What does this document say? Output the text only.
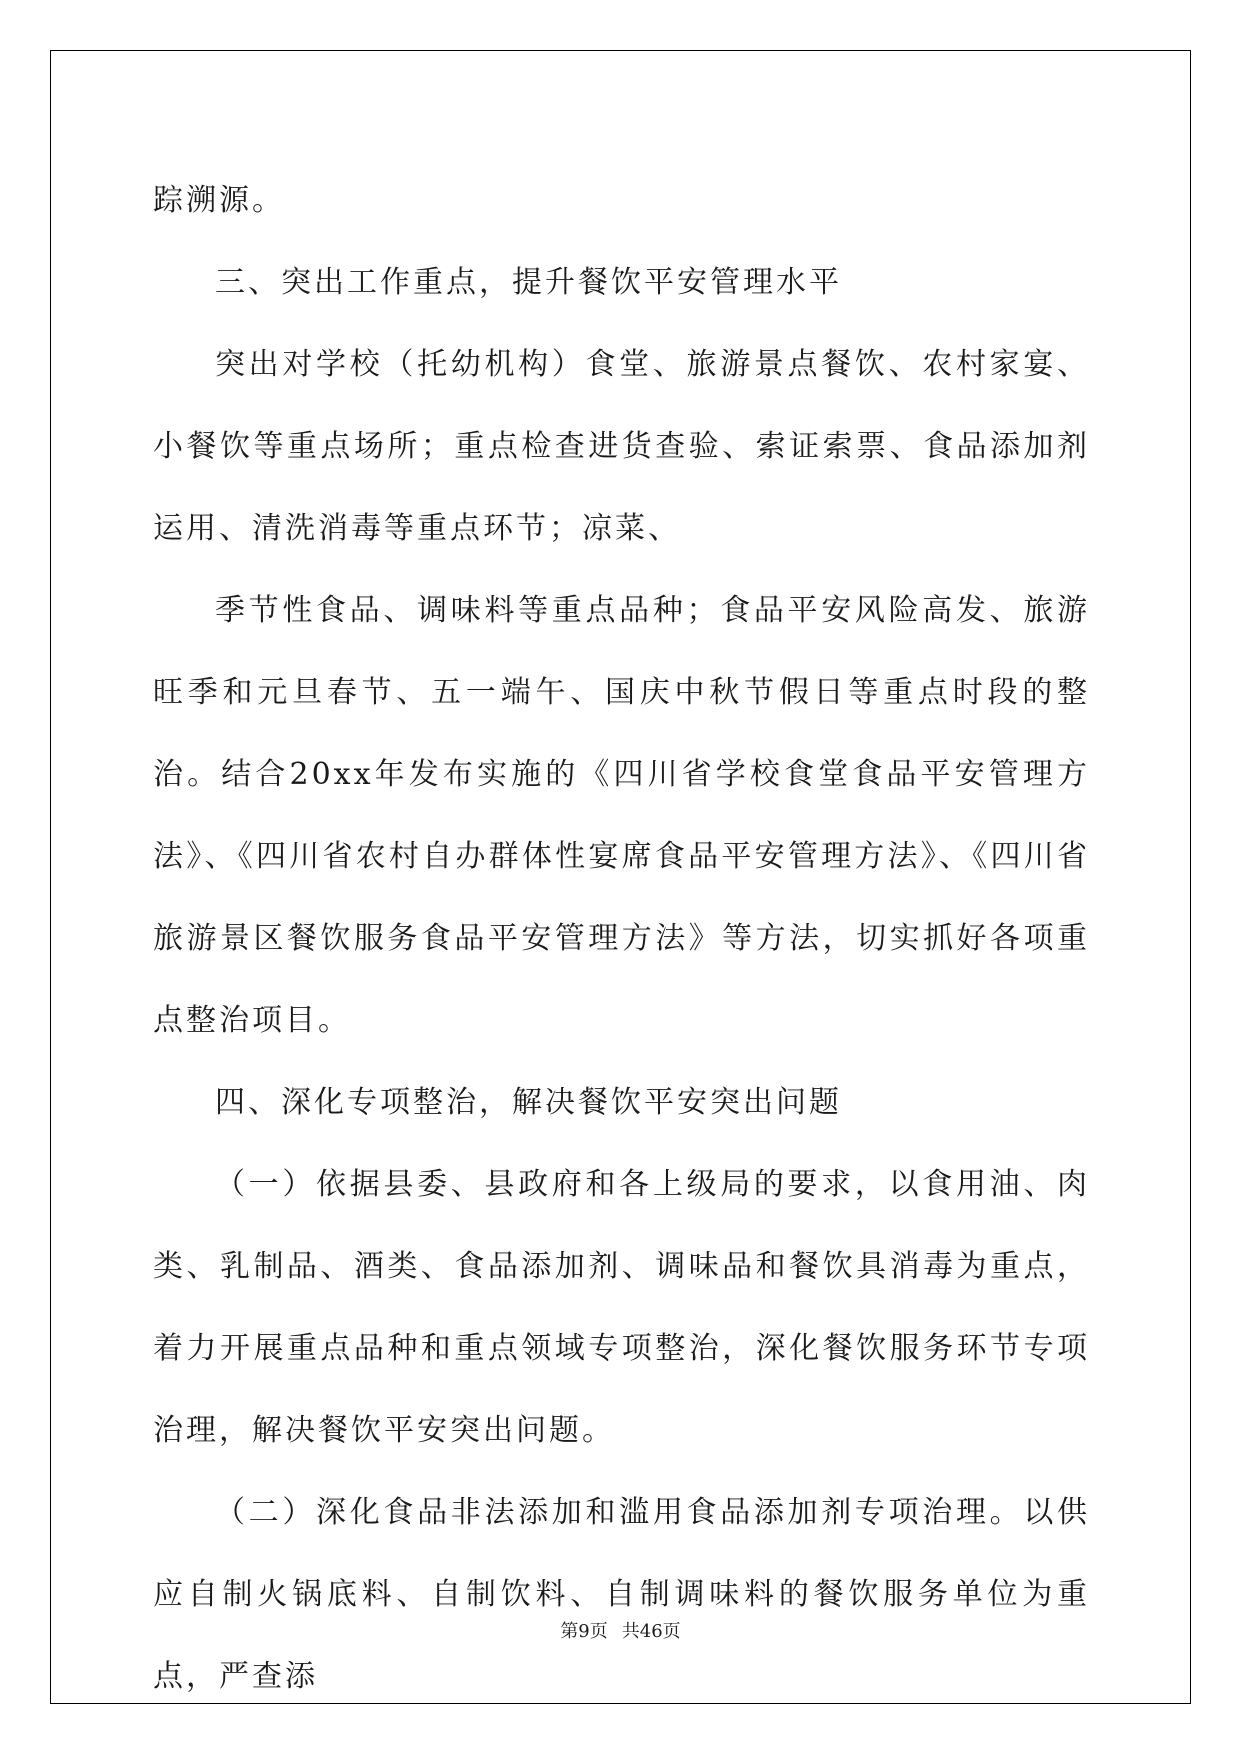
踪溯源。

三、突出工作重点，提升餐饮平安管理水平

突出对学校（托幼机构）食堂、旅游景点餐饮、农村家宴、小餐饮等重点场所；重点检查进货查验、索证索票、食品添加剂运用、清洗消毒等重点环节；凉菜、

季节性食品、调味料等重点品种；食品平安风险高发、旅游旺季和元旦春节、五一端午、国庆中秋节假日等重点时段的整治。结合20xx年发布实施的《四川省学校食堂食品平安管理方法》、《四川省农村自办群体性宴席食品平安管理方法》、《四川省旅游景区餐饮服务食品平安管理方法》等方法，切实抓好各项重点整治项目。

四、深化专项整治，解决餐饮平安突出问题

（一）依据县委、县政府和各上级局的要求，以食用油、肉类、乳制品、酒类、食品添加剂、调味品和餐饮具消毒为重点，着力开展重点品种和重点领域专项整治，深化餐饮服务环节专项治理，解决餐饮平安突出问题。

（二）深化食品非法添加和滥用食品添加剂专项治理。以供应自制火锅底料、自制饮料、自制调味料的餐饮服务单位为重点，严查添

第9页 共46页
